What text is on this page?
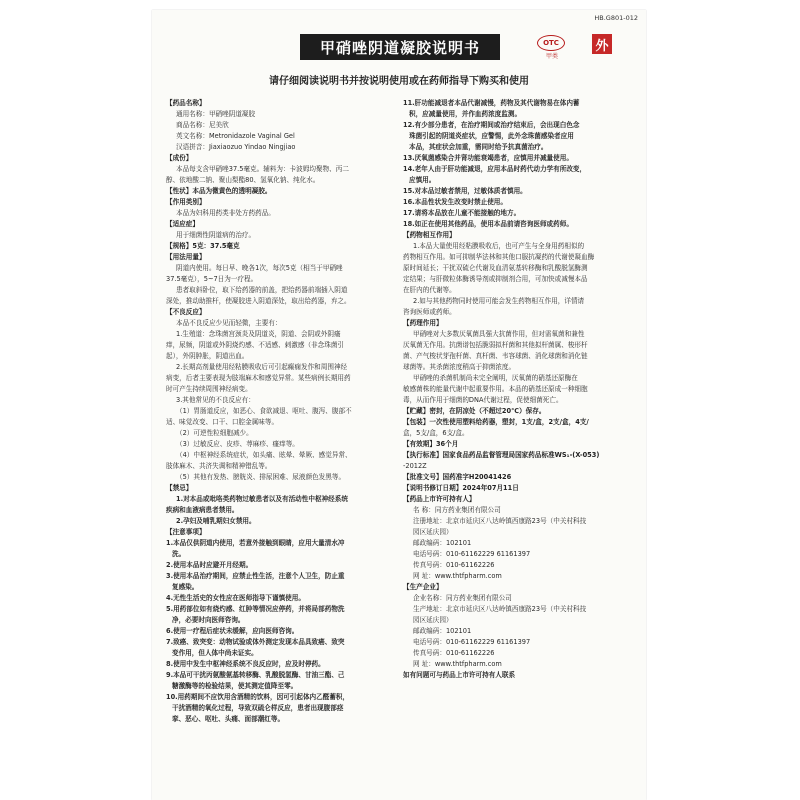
HB.G801-012
甲硝唑阴道凝胶说明书	OTC
甲类
外
请仔细阅读说明书并按说明使用或在药师指导下购买和使用
【药品名称】
通用名称：甲硝唑阴道凝胶
商品名称：尼美欣
英文名称：Metronidazole Vaginal Gel
汉语拼音：Jiaxiaozuo Yindao Ningjiao
【成份】
本品每支含甲硝唑37.5毫克。辅料为：卡波姆均聚物、丙二
醇、依地酸二钠、聚山梨酯80、氢氧化钠、纯化水。
【性状】本品为微黄色的透明凝胶。
【作用类别】
本品为妇科用药类非处方药药品。
【适应症】
用于细菌性阴道病的治疗。
【规格】5克：37.5毫克
【用法用量】
阴道内使用。每日早、晚各1次，每次5克（相当于甲硝唑
37.5毫克），5~7日为一疗程。
患者取斜卧位，取下给药器的前盖，把给药器前端插入阴道
深处，推动助推杆，使凝胶进入阴道深处，取出给药器，弃之。
【不良反应】
本品不良反应少见而轻微，主要有：
1.生殖道：念珠菌宫颈炎及阴道炎，阴道、会阴或外阴瘙
痒，尿频，阴道或外阴烧灼感、不适感、刺激感（非念珠菌引
起），外阴肿胀，阴道出血。
2.长期高剂量使用经粘膜吸收后可引起癫痫发作和周围神经
病变，后者主要表现为肢端麻木和感觉异常。某些病例长期用药
时可产生持续周围神经病变。
3.其他常见的不良反应有：
（1）胃肠道反应，如恶心、食欲减退、呕吐、腹泻、腹部不
适、味觉改变、口干、口腔金属味等。
（2）可逆性粒细胞减少。
（3）过敏反应、皮疹、荨麻疹、瘙痒等。
（4）中枢神经系统症状，如头痛、眩晕、晕厥、感觉异常、
肢体麻木、共济失调和精神错乱等。
（5）其他有发热、膀胱炎、排尿困难、尿液颜色发黑等。
【禁忌】
1.对本品或吡咯类药物过敏患者以及有活动性中枢神经系统
疾病和血液病患者禁用。
2.孕妇及哺乳期妇女禁用。
【注意事项】
1.本品仅供阴道内使用，若意外接触到眼睛，应用大量清水冲
洗。
2.使用本品时应避开月经期。
3.使用本品治疗期间，应禁止性生活，注意个人卫生，防止重
复感染。
4.无性生活史的女性应在医师指导下谨慎使用。
5.用药部位如有烧灼感、红肿等情况应停药，并将局部药物洗
净，必要时向医师咨询。
6.使用一疗程后症状未缓解，应向医师咨询。
7.致癌、致突变：动物试验或体外测定发现本品具致癌、致突
变作用，但人体中尚未证实。
8.使用中发生中枢神经系统不良反应时，应及时停药。
9.本品可干扰丙氨酸氨基转移酶、乳酸脱氢酶、甘油三酯、己
糖激酶等的检验结果，使其测定值降至零。
10.用药期间不应饮用含酒精的饮料，因可引起体内乙醛蓄积，
干扰酒精的氧化过程，导致双硫仑样反应，患者出现腹部痉
挛、恶心、呕吐、头痛、面部潮红等。
11.肝功能减退者本品代谢减慢，药物及其代谢物易在体内蓄
积，应减量使用，并作血药浓度监测。
12.有少部分患者，在治疗期间或治疗结束后，会出现白色念
珠菌引起的阴道炎症状，应警惕，此外念珠菌感染者应用
本品，其症状会加重，需同时给予抗真菌治疗。
13.厌氧菌感染合并肾功能衰竭患者，应慎用并减量使用。
14.老年人由于肝功能减退，应用本品时药代动力学有所改变，
应慎用。
15.对本品过敏者禁用，过敏体质者慎用。
16.本品性状发生改变时禁止使用。
17.请将本品放在儿童不能接触的地方。
18.如正在使用其他药品，使用本品前请咨询医师或药师。
【药物相互作用】
1.本品大量使用经粘膜吸收后，也可产生与全身用药相似的
药物相互作用。如可抑制华法林和其他口服抗凝药的代谢使凝血酶
原时间延长；干扰双硫仑代谢及血清氨基转移酶和乳酸脱氢酶测
定结果；与肝微粒体酶诱导剂或抑制剂合用，可加快或减慢本品
在肝内的代谢等。
2.如与其他药物同时使用可能会发生药物相互作用，详情请
咨询医师或药师。
【药理作用】
甲硝唑对大多数厌氧菌具强大抗菌作用，但对需氧菌和兼性
厌氧菌无作用。抗菌谱包括脆弱拟杆菌和其他拟杆菌属、梭形杆
菌、产气梭状芽孢杆菌、真杆菌、韦容球菌、消化球菌和消化链
球菌等。其杀菌浓度稍高于抑菌浓度。
甲硝唑的杀菌机制尚未完全阐明，厌氧菌的硝基还原酶在
敏感菌株的能量代谢中起重要作用。本品的硝基还原成一种细胞
毒，从而作用于细菌的DNA代谢过程，促使细菌死亡。
【贮藏】密封，在阴凉处（不超过20℃）保存。
【包装】一次性使用塑料给药器，塑封，1支/盒，2支/盒，4支/
盒，5支/盒，6支/盒。
【有效期】36个月
【执行标准】国家食品药品监督管理局国家药品标准WS₁-(X-053)
-2012Z
【批准文号】国药准字H20041426
【说明书修订日期】2024年07月11日
【药品上市许可持有人】
名 称：同方药业集团有限公司
注册地址：北京市延庆区八达岭镇西康路23号（中关村科技
园区延庆园）
邮政编码：102101
电话号码：010-61162229 61161397
传真号码：010-61162226
网 址：www.thtfpharm.com
【生产企业】
企业名称：同方药业集团有限公司
生产地址：北京市延庆区八达岭镇西康路23号（中关村科技
园区延庆园）
邮政编码：102101
电话号码：010-61162229 61161397
传真号码：010-61162226
网 址：www.thtfpharm.com
如有问题可与药品上市许可持有人联系
